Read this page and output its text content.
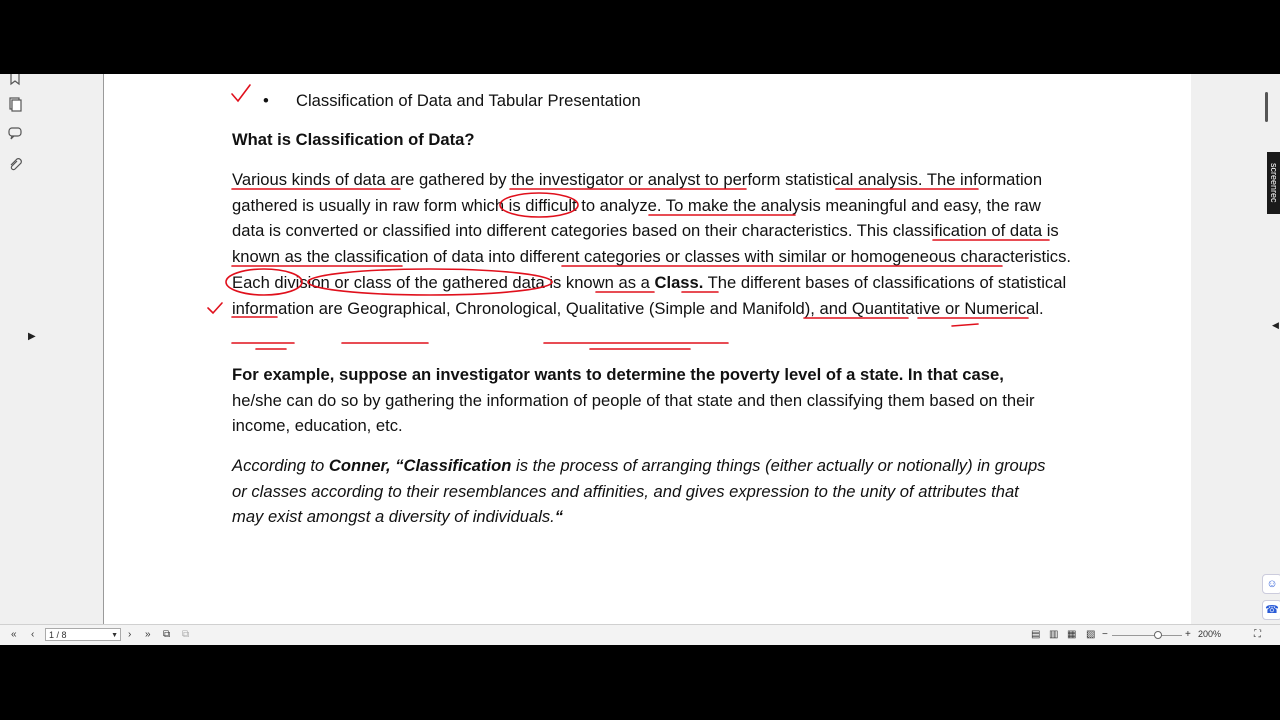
▶
• Classification of Data and Tabular Presentation
What is Classification of Data?

Various kinds of data are gathered by the investigator or analyst to perform statistical analysis. The information gathered is usually in raw form which is difficult to analyze. To make the analysis meaningful and easy, the raw data is converted or classified into different categories based on their characteristics. This classification of data is known as the classification of data into different categories or classes with similar or homogeneous characteristics. Each division or class of the gathered data is known as a Class. The different bases of classifications of statistical information are Geographical, Chronological, Qualitative (Simple and Manifold), and Quantitative or Numerical.

For example, suppose an investigator wants to determine the poverty level of a state. In that case, he/she can do so by gathering the information of people of that state and then classifying them based on their income, education, etc.

According to Conner, “Classification is the process of arranging things (either actually or notionally) in groups or classes according to their resemblances and affinities, and gives expression to the unity of attributes that may exist amongst a diversity of individuals.“

screenrec
◀
☺
☎
« ‹	1 / 8	▼ › » ⧉ ⧉	▤ ▥ ▦ ▧ −	+ 200%	⛶
